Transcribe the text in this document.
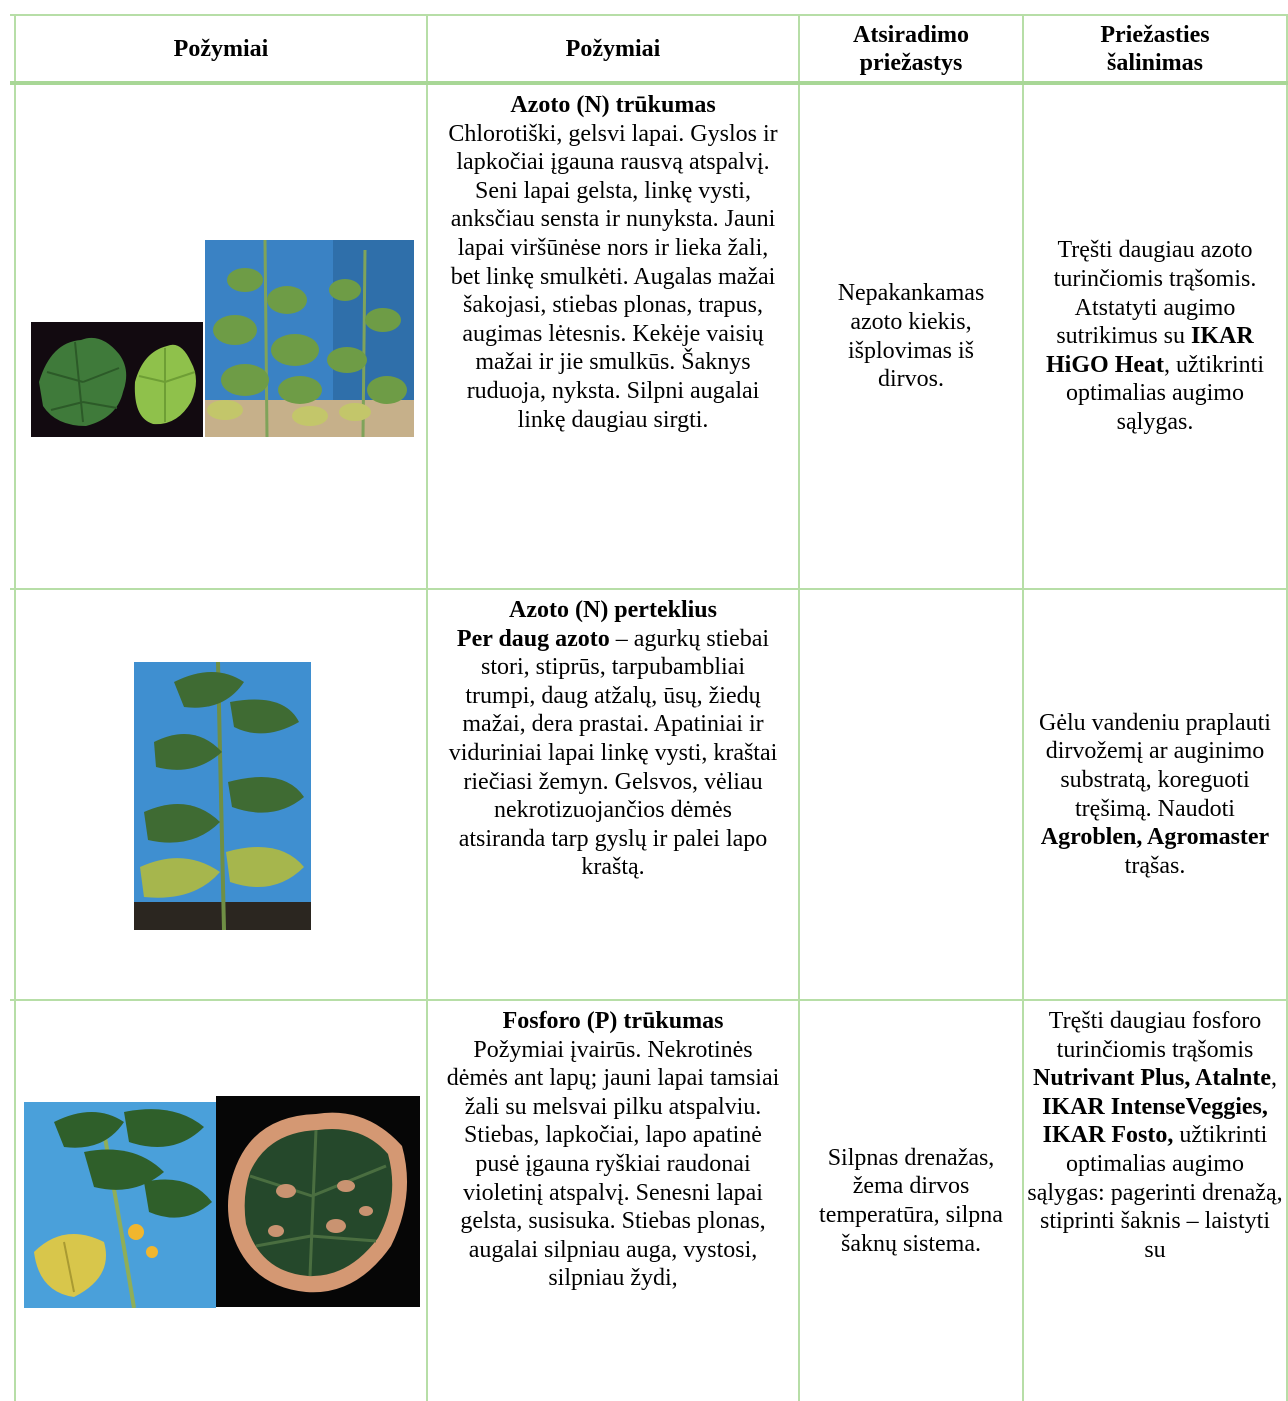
Požymiai	Požymiai
Atsiradimo priežastys
Priežasties šalinimas

Azoto (N) trūkumas
Chlorotiški, gelsvi lapai. Gyslos ir lapkočiai įgauna rausvą atspalvį. Seni lapai gelsta, linkę vysti, anksčiau sensta ir nunyksta. Jauni lapai viršūnėse nors ir lieka žali, bet linkę smulkėti. Augalas mažai šakojasi, stiebas plonas, trapus, augimas lėtesnis. Kekėje vaisių mažai ir jie smulkūs. Šaknys ruduoja, nyksta. Silpni augalai linkę daugiau sirgti.

Nepakankamas azoto kiekis, išplovimas iš dirvos.

Tręšti daugiau azoto turinčiomis trąšomis. Atstatyti augimo sutrikimus su IKAR HiGO Heat, užtikrinti optimalias augimo sąlygas.

Azoto (N) perteklius
Per daug azoto – agurkų stiebai stori, stiprūs, tarpubambliai trumpi, daug atžalų, ūsų, žiedų mažai, dera prastai. Apatiniai ir viduriniai lapai linkę vysti, kraštai riečiasi žemyn. Gelsvos, vėliau nekrotizuojančios dėmės atsiranda tarp gyslų ir palei lapo kraštą.

Gėlu vandeniu praplauti dirvožemį ar auginimo substratą, koreguoti tręšimą. Naudoti Agroblen, Agromaster trąšas.

Fosforo (P) trūkumas
Požymiai įvairūs. Nekrotinės dėmės ant lapų; jauni lapai tamsiai žali su melsvai pilku atspalviu. Stiebas, lapkočiai, lapo apatinė pusė įgauna ryškiai raudonai violetinį atspalvį. Senesni lapai gelsta, susisuka. Stiebas plonas, augalai silpniau auga, vystosi, silpniau žydi,

Silpnas drenažas, žema dirvos temperatūra, silpna šaknų sistema.

Tręšti daugiau fosforo turinčiomis trąšomis Nutrivant Plus, Atalnte, IKAR IntenseVeggies, IKAR Fosto, užtikrinti optimalias augimo sąlygas: pagerinti drenažą, stiprinti šaknis – laistyti su
